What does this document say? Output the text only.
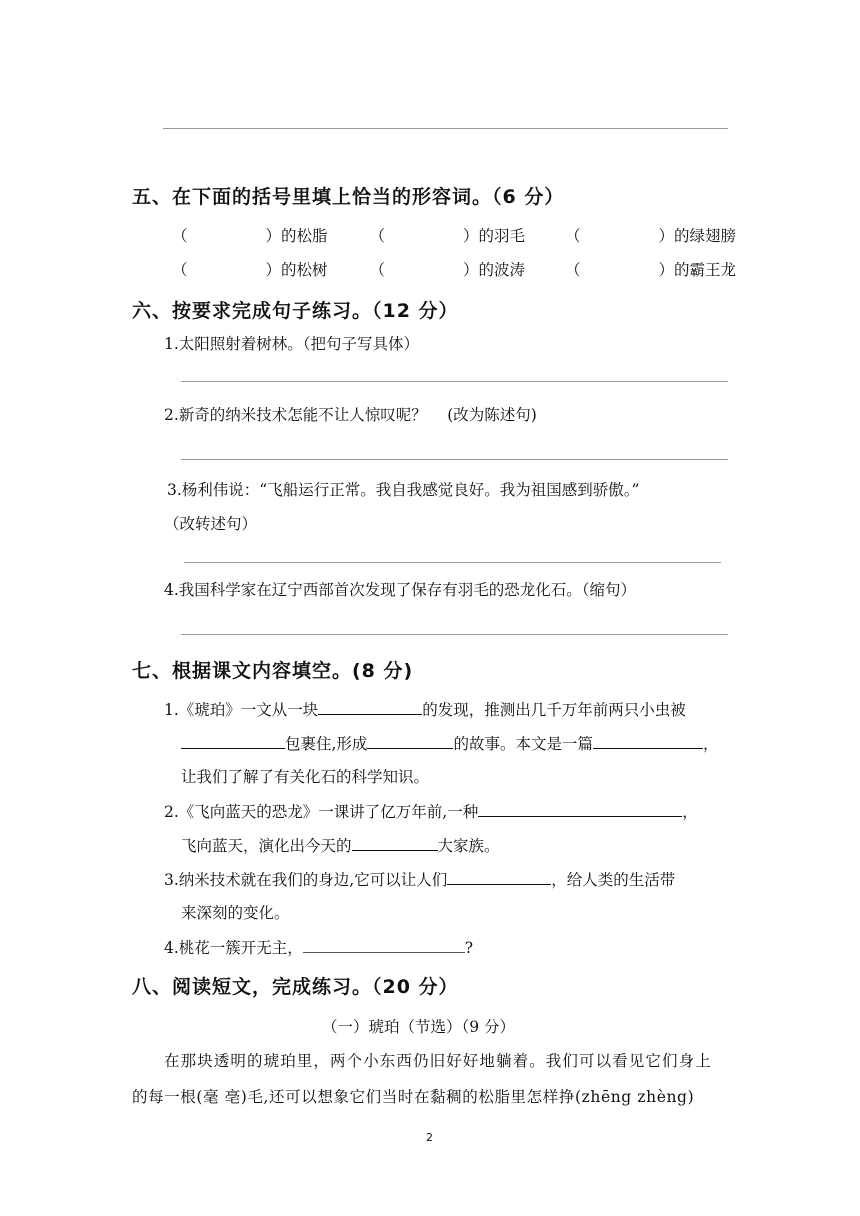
五、在下面的括号里填上恰当的形容词。（6 分）
（	）的松脂	（	）的羽毛	（	）的绿翅膀
（	）的松树	（	）的波涛	（	）的霸王龙
六、按要求完成句子练习。（12 分）
1.太阳照射着树林。（把句子写具体）
2.新奇的纳米技术怎能不让人惊叹呢？　 (改为陈述句)
3.杨利伟说：“飞船运行正常。我自我感觉良好。我为祖国感到骄傲。”
（改转述句）
4.我国科学家在辽宁西部首次发现了保存有羽毛的恐龙化石。（缩句）
七、根据课文内容填空。(8 分)
1.《琥珀》一文从一块	的发现，推测出几千万年前两只小虫被
包裹住,形成	的故事。本文是一篇	，
让我们了解了有关化石的科学知识。
2.《飞向蓝天的恐龙》一课讲了亿万年前,一种	，
飞向蓝天，演化出今天的	大家族。
3.纳米技术就在我们的身边,它可以让人们	，给人类的生活带
来深刻的变化。
4.桃花一簇开无主，	?
八、阅读短文，完成练习。（20 分）
（一）琥珀（节选）（9 分）
在那块透明的琥珀里，两个小东西仍旧好好地躺着。我们可以看见它们身上
的每一根(毫 亳)毛,还可以想象它们当时在黏稠的松脂里怎样挣(zhēng zhèng)
2
